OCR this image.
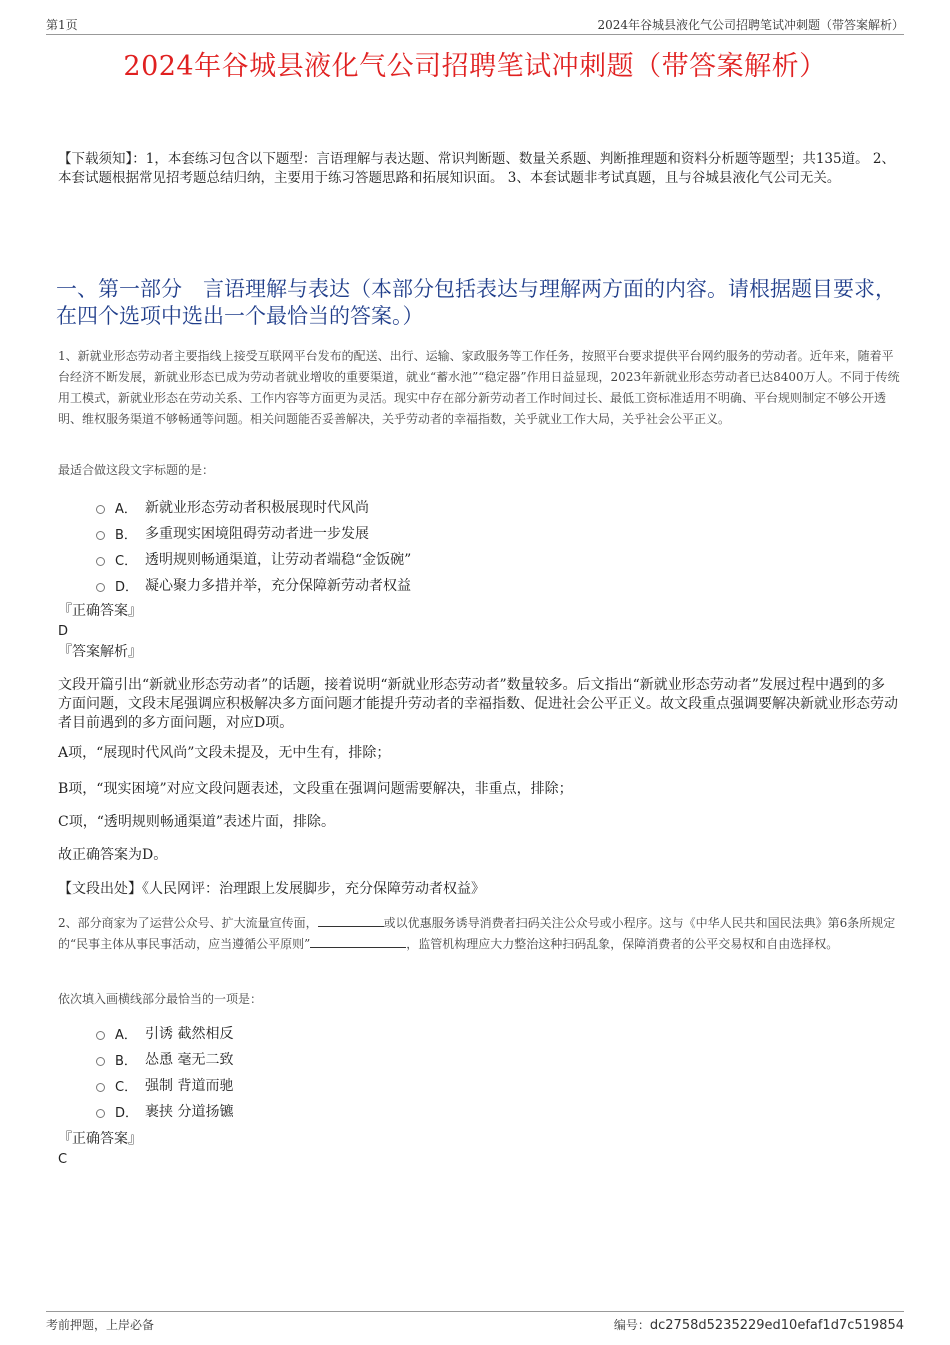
第1页	2024年谷城县液化气公司招聘笔试冲刺题（带答案解析）
2024年谷城县液化气公司招聘笔试冲刺题（带答案解析）
【下载须知】：1，本套练习包含以下题型：言语理解与表达题、常识判断题、数量关系题、判断推理题和资料分析题等题型；共135道。 2、本套试题根据常见招考题总结归纳，主要用于练习答题思路和拓展知识面。 3、本套试题非考试真题，且与谷城县液化气公司无关。
一、第一部分　言语理解与表达（本部分包括表达与理解两方面的内容。请根据题目要求，在四个选项中选出一个最恰当的答案。）
1、新就业形态劳动者主要指线上接受互联网平台发布的配送、出行、运输、家政服务等工作任务，按照平台要求提供平台网约服务的劳动者。近年来，随着平台经济不断发展，新就业形态已成为劳动者就业增收的重要渠道，就业“蓄水池”“稳定器”作用日益显现，2023年新就业形态劳动者已达8400万人。不同于传统用工模式，新就业形态在劳动关系、工作内容等方面更为灵活。现实中存在部分新劳动者工作时间过长、最低工资标准适用不明确、平台规则制定不够公开透明、维权服务渠道不够畅通等问题。相关问题能否妥善解决，关乎劳动者的幸福指数，关乎就业工作大局，关乎社会公平正义。
最适合做这段文字标题的是：
A． 新就业形态劳动者积极展现时代风尚
B． 多重现实困境阻碍劳动者进一步发展
C． 透明规则畅通渠道，让劳动者端稳“金饭碗”
D． 凝心聚力多措并举，充分保障新劳动者权益
『正确答案』
D
『答案解析』
文段开篇引出“新就业形态劳动者”的话题，接着说明“新就业形态劳动者”数量较多。后文指出“新就业形态劳动者”发展过程中遇到的多方面问题，文段末尾强调应积极解决多方面问题才能提升劳动者的幸福指数、促进社会公平正义。故文段重点强调要解决新就业形态劳动者目前遇到的多方面问题，对应D项。
A项，“展现时代风尚”文段未提及，无中生有，排除；
B项，“现实困境”对应文段问题表述，文段重在强调问题需要解决，非重点，排除；
C项，“透明规则畅通渠道”表述片面，排除。
故正确答案为D。
【文段出处】《人民网评：治理跟上发展脚步，充分保障劳动者权益》
2、部分商家为了运营公众号、扩大流量宣传面，	或以优惠服务诱导消费者扫码关注公众号或小程序。这与《中华人民共和国民法典》第6条所规定的“民事主体从事民事活动，应当遵循公平原则”	，监管机构理应大力整治这种扫码乱象，保障消费者的公平交易权和自由选择权。
依次填入画横线部分最恰当的一项是：
A． 引诱 截然相反
B． 怂恿 毫无二致
C． 强制 背道而驰
D． 裹挟 分道扬镳
『正确答案』
C
考前押题，上岸必备	编号：dc2758d5235229ed10efaf1d7c519854
